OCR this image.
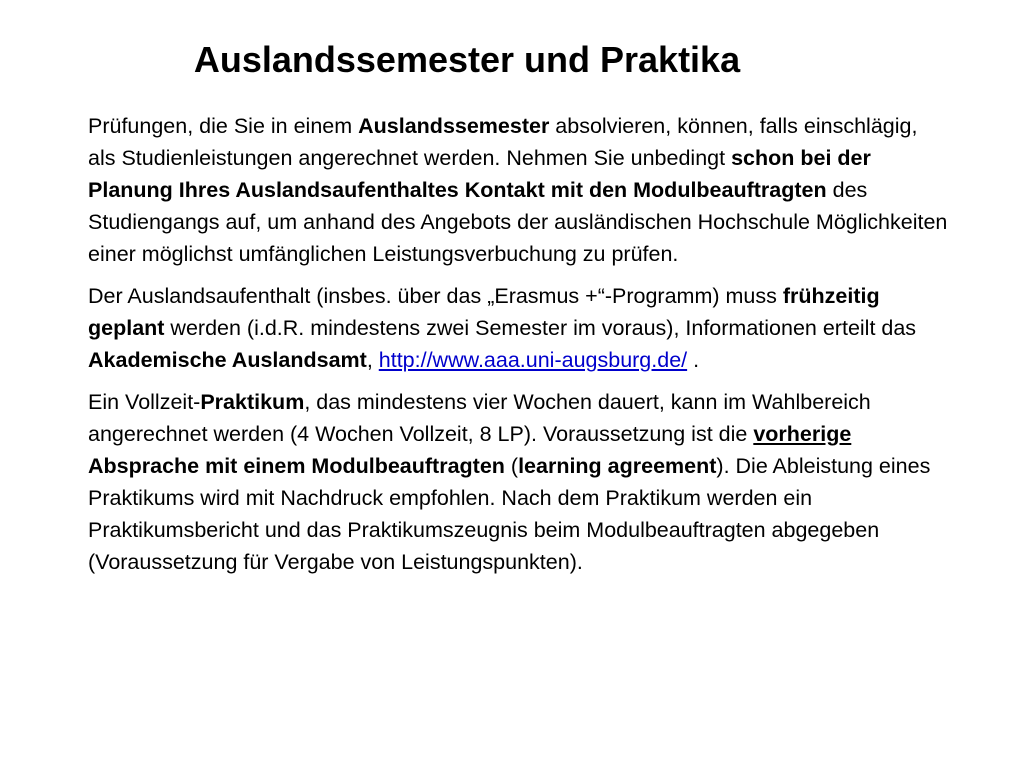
Auslandssemester und Praktika

Prüfungen, die Sie in einem Auslandssemester absolvieren, können, falls einschlägig, als Studienleistungen angerechnet werden. Nehmen Sie unbedingt schon bei der Planung Ihres Auslandsaufenthaltes Kontakt mit den Modulbeauftragten des Studiengangs auf, um anhand des Angebots der ausländischen Hochschule Möglichkeiten einer möglichst umfänglichen Leistungsverbuchung zu prüfen.

Der Auslandsaufenthalt (insbes. über das „Erasmus +“-Programm) muss frühzeitig geplant werden (i.d.R. mindestens zwei Semester im voraus), Informationen erteilt das Akademische Auslandsamt, http://www.aaa.uni-augsburg.de/ .

Ein Vollzeit-Praktikum, das mindestens vier Wochen dauert, kann im Wahlbereich angerechnet werden (4 Wochen Vollzeit, 8 LP). Voraussetzung ist die vorherige Absprache mit einem Modulbeauftragten (learning agreement). Die Ableistung eines Praktikums wird mit Nachdruck empfohlen. Nach dem Praktikum werden ein Praktikumsbericht und das Praktikumszeugnis beim Modulbeauftragten abgegeben (Voraussetzung für Vergabe von Leistungspunkten).
